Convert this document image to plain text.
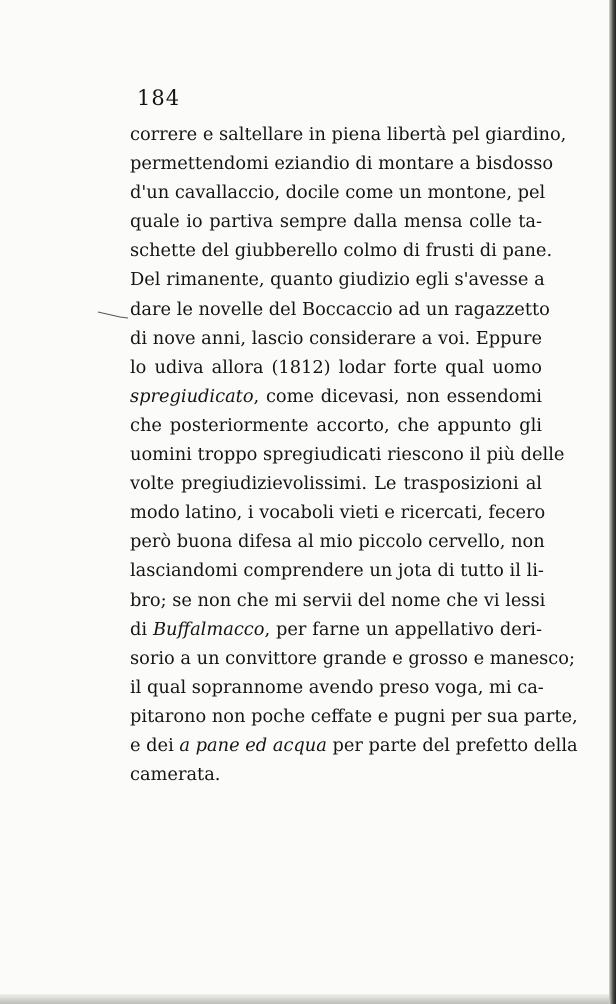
184
correre e saltellare in piena libertà pel giardino,
permettendomi eziandio di montare a bisdosso
d'un cavallaccio, docile come un montone, pel
quale io partiva sempre dalla mensa colle ta-
schette del giubberello colmo di frusti di pane.
Del rimanente, quanto giudizio egli s'avesse a
dare le novelle del Boccaccio ad un ragazzetto
di nove anni, lascio considerare a voi. Eppure
lo udiva allora (1812) lodar forte qual uomo
spregiudicato, come dicevasi, non essendomi
che posteriormente accorto, che appunto gli
uomini troppo spregiudicati riescono il più delle
volte pregiudizievolissimi. Le trasposizioni al
modo latino, i vocaboli vieti e ricercati, fecero
però buona difesa al mio piccolo cervello, non
lasciandomi comprendere un jota di tutto il li-
bro; se non che mi servii del nome che vi lessi
di Buffalmacco, per farne un appellativo deri-
sorio a un convittore grande e grosso e manesco;
il qual soprannome avendo preso voga, mi ca-
pitarono non poche ceffate e pugni per sua parte,
e dei a pane ed acqua per parte del prefetto della
camerata.
